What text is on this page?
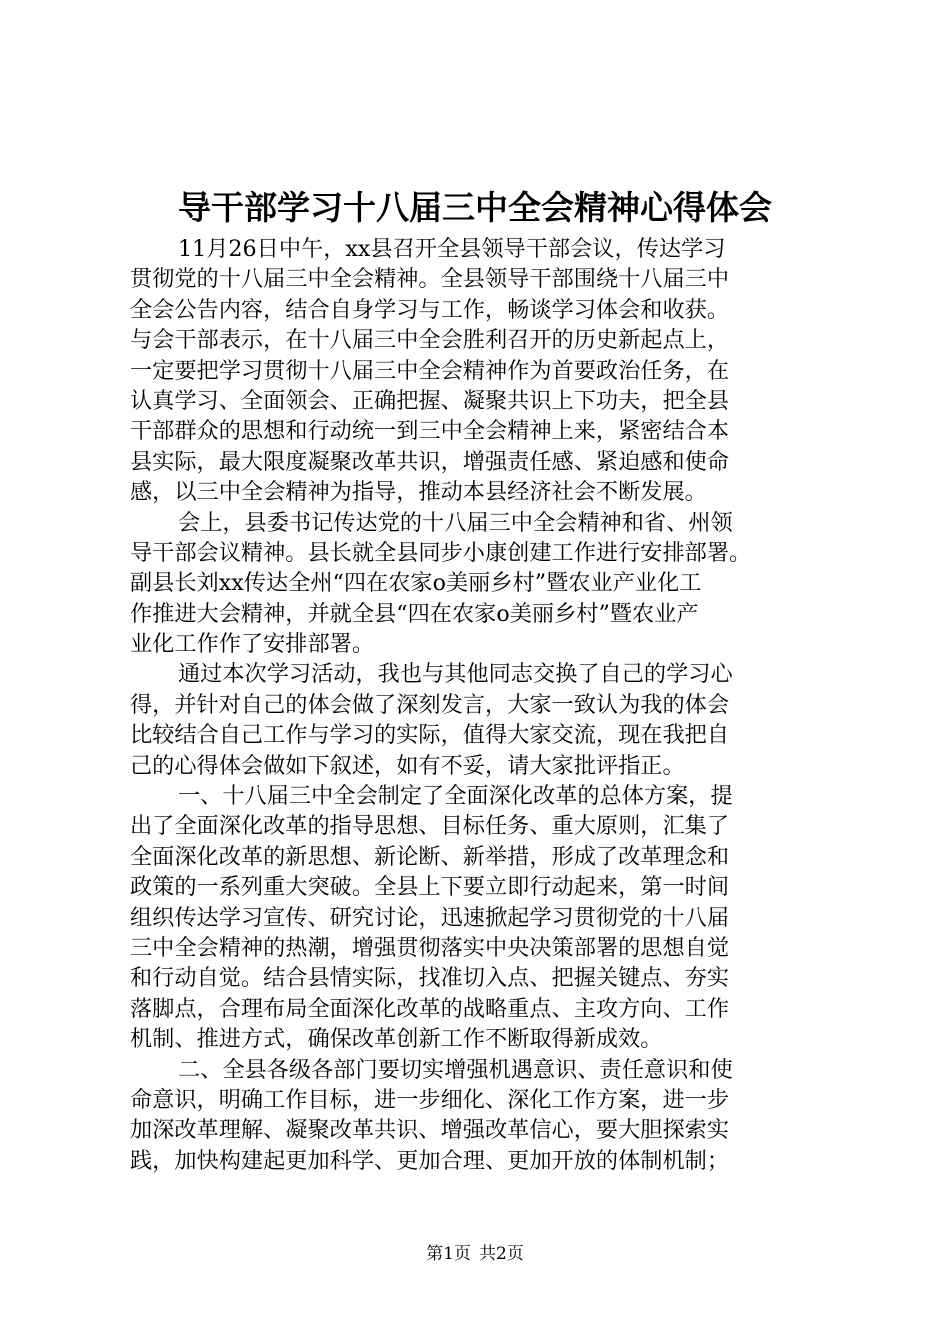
导干部学习十八届三中全会精神心得体会
11月26日中午，xx县召开全县领导干部会议，传达学习
贯彻党的十八届三中全会精神。全县领导干部围绕十八届三中
全会公告内容，结合自身学习与工作，畅谈学习体会和收获。
与会干部表示，在十八届三中全会胜利召开的历史新起点上，
一定要把学习贯彻十八届三中全会精神作为首要政治任务，在
认真学习、全面领会、正确把握、凝聚共识上下功夫，把全县
干部群众的思想和行动统一到三中全会精神上来，紧密结合本
县实际，最大限度凝聚改革共识，增强责任感、紧迫感和使命
感，以三中全会精神为指导，推动本县经济社会不断发展。
会上，县委书记传达党的十八届三中全会精神和省、州领
导干部会议精神。县长就全县同步小康创建工作进行安排部署。
副县长刘xx传达全州“四在农家o美丽乡村”暨农业产业化工
作推进大会精神，并就全县“四在农家o美丽乡村”暨农业产
业化工作作了安排部署。
通过本次学习活动，我也与其他同志交换了自己的学习心
得，并针对自己的体会做了深刻发言，大家一致认为我的体会
比较结合自己工作与学习的实际，值得大家交流，现在我把自
己的心得体会做如下叙述，如有不妥，请大家批评指正。
一、十八届三中全会制定了全面深化改革的总体方案，提
出了全面深化改革的指导思想、目标任务、重大原则，汇集了
全面深化改革的新思想、新论断、新举措，形成了改革理念和
政策的一系列重大突破。全县上下要立即行动起来，第一时间
组织传达学习宣传、研究讨论，迅速掀起学习贯彻党的十八届
三中全会精神的热潮，增强贯彻落实中央决策部署的思想自觉
和行动自觉。结合县情实际，找准切入点、把握关键点、夯实
落脚点，合理布局全面深化改革的战略重点、主攻方向、工作
机制、推进方式，确保改革创新工作不断取得新成效。
二、全县各级各部门要切实增强机遇意识、责任意识和使
命意识，明确工作目标，进一步细化、深化工作方案，进一步
加深改革理解、凝聚改革共识、增强改革信心，要大胆探索实
践，加快构建起更加科学、更加合理、更加开放的体制机制；
第1页 共2页
